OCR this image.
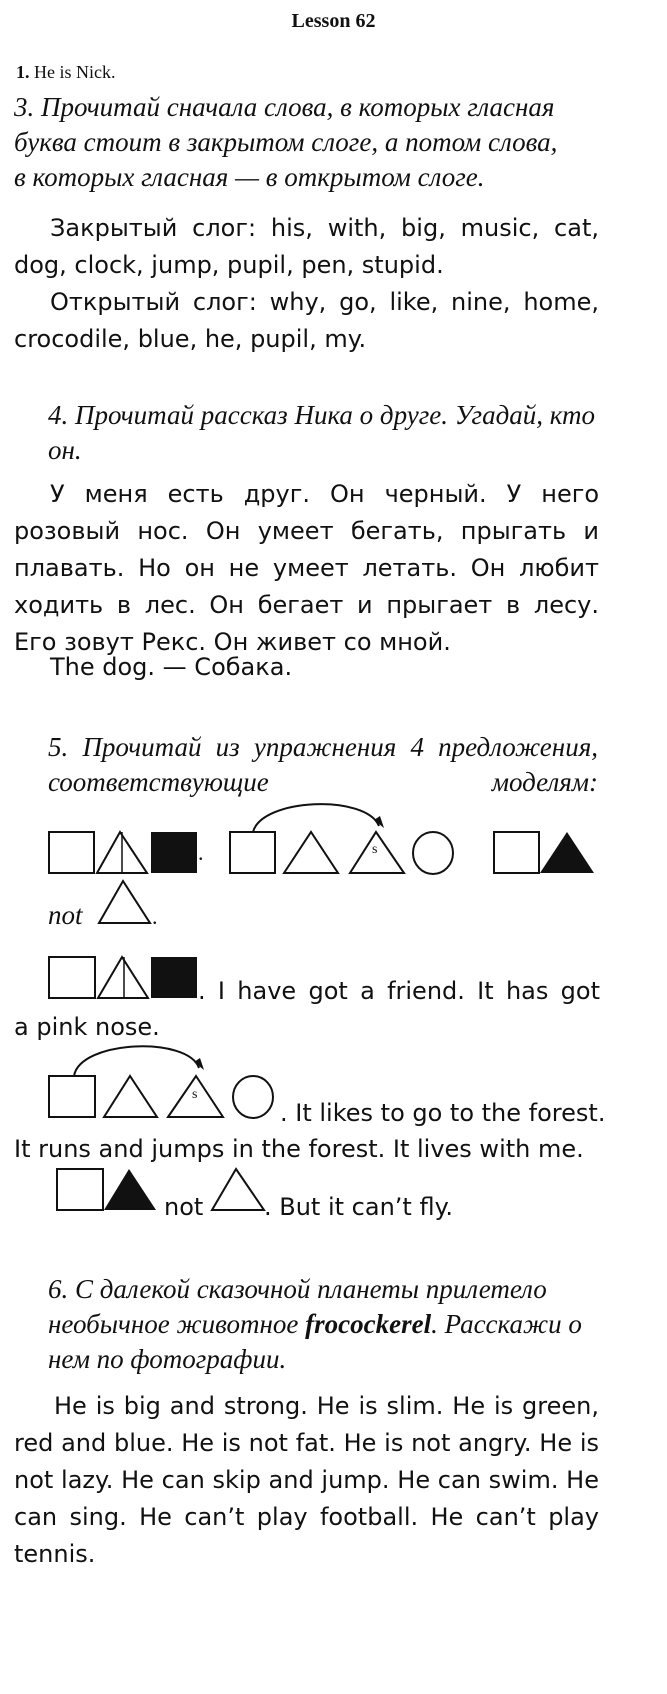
Lesson 62
1. He is Nick.
3. Прочитай сначала слова, в которых гласная буква стоит в закрытом слоге, а потом слова, в которых гласная — в открытом слоге.
Закрытый слог: his, with, big, music, cat, dog, clock, jump, pupil, pen, stupid.
Открытый слог: why, go, like, nine, home, crocodile, blue, he, pupil, my.
4. Прочитай рассказ Ника о друге. Угадай, кто он.
У меня есть друг. Он черный. У него розовый нос. Он умеет бегать, прыгать и плавать. Но он не умеет летать. Он любит ходить в лес. Он бегает и прыгает в лесу. Его зовут Рекс. Он живет со мной.
The dog. — Собака.
5. Прочитай из упражнения 4 предложения, соответствующие моделям:
s
.
not	.
. I have got a friend. It has got
a pink nose.
s
. It likes to go to the forest.
It runs and jumps in the forest. It lives with me.
not	. But it can’t fly.
6. С далекой сказочной планеты прилетело необычное животное frocockerel. Расскажи о нем по фотографии.
He is big and strong. He is slim. He is green, red and blue. He is not fat. He is not angry. He is not lazy. He can skip and jump. He can swim. He can sing. He can’t play football. He can’t play tennis.
